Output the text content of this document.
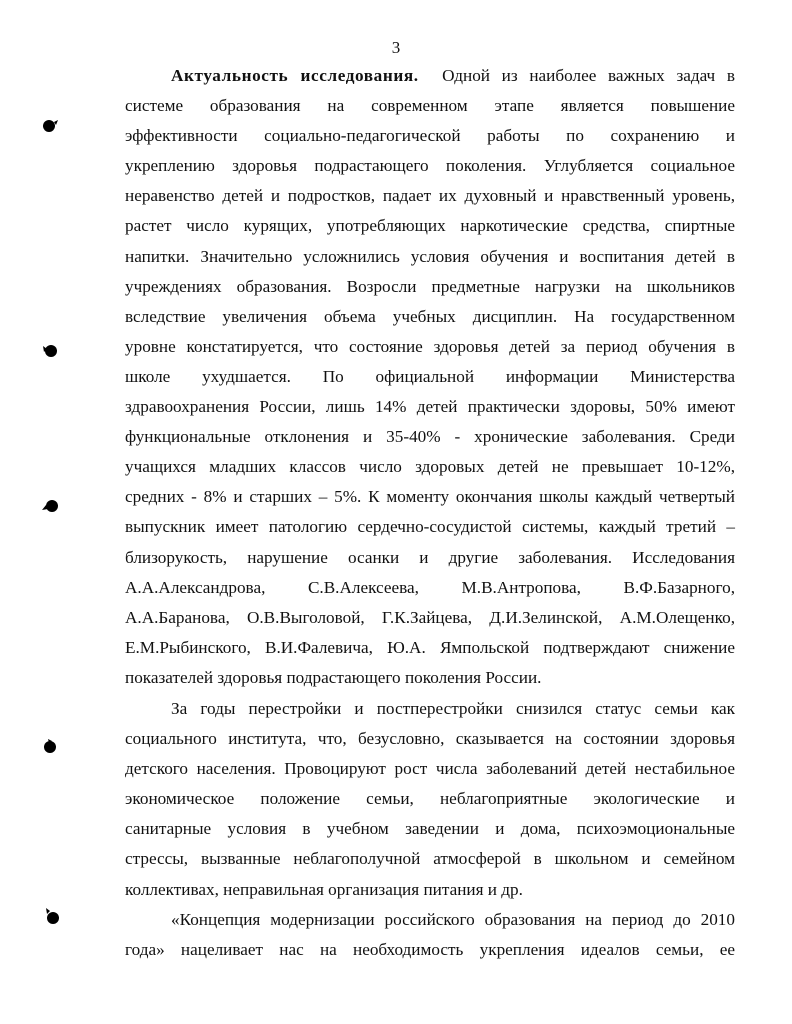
3
Актуальность исследования. Одной из наиболее важных задач в
системе образования на современном этапе является повышение
эффективности социально-педагогической работы по сохранению и
укреплению здоровья подрастающего поколения. Углубляется социальное
неравенство детей и подростков, падает их духовный и нравственный уровень,
растет число курящих, употребляющих наркотические средства, спиртные
напитки. Значительно усложнились условия обучения и воспитания детей в
учреждениях образования. Возросли предметные нагрузки на школьников
вследствие увеличения объема учебных дисциплин. На государственном
уровне констатируется, что состояние здоровья детей за период обучения в
школе ухудшается. По официальной информации Министерства
здравоохранения России, лишь 14% детей практически здоровы, 50% имеют
функциональные отклонения и 35-40% - хронические заболевания. Среди
учащихся младших классов число здоровых детей не превышает 10-12%,
средних - 8% и старших – 5%. К моменту окончания школы каждый четвертый
выпускник имеет патологию сердечно-сосудистой системы, каждый третий –
близорукость, нарушение осанки и другие заболевания. Исследования
А.А.Александрова, С.В.Алексеева, М.В.Антропова, В.Ф.Базарного,
А.А.Баранова, О.В.Выголовой, Г.К.Зайцева, Д.И.Зелинской, А.М.Олещенко,
Е.М.Рыбинского, В.И.Фалевича, Ю.А. Ямпольской подтверждают снижение
показателей здоровья подрастающего поколения России.
За годы перестройки и постперестройки снизился статус семьи как
социального института, что, безусловно, сказывается на состоянии здоровья
детского населения. Провоцируют рост числа заболеваний детей нестабильное
экономическое положение семьи, неблагоприятные экологические и
санитарные условия в учебном заведении и дома, психоэмоциональные
стрессы, вызванные неблагополучной атмосферой в школьном и семейном
коллективах, неправильная организация питания и др.
«Концепция модернизации российского образования на период до 2010
года» нацеливает нас на необходимость укрепления идеалов семьи, ее
